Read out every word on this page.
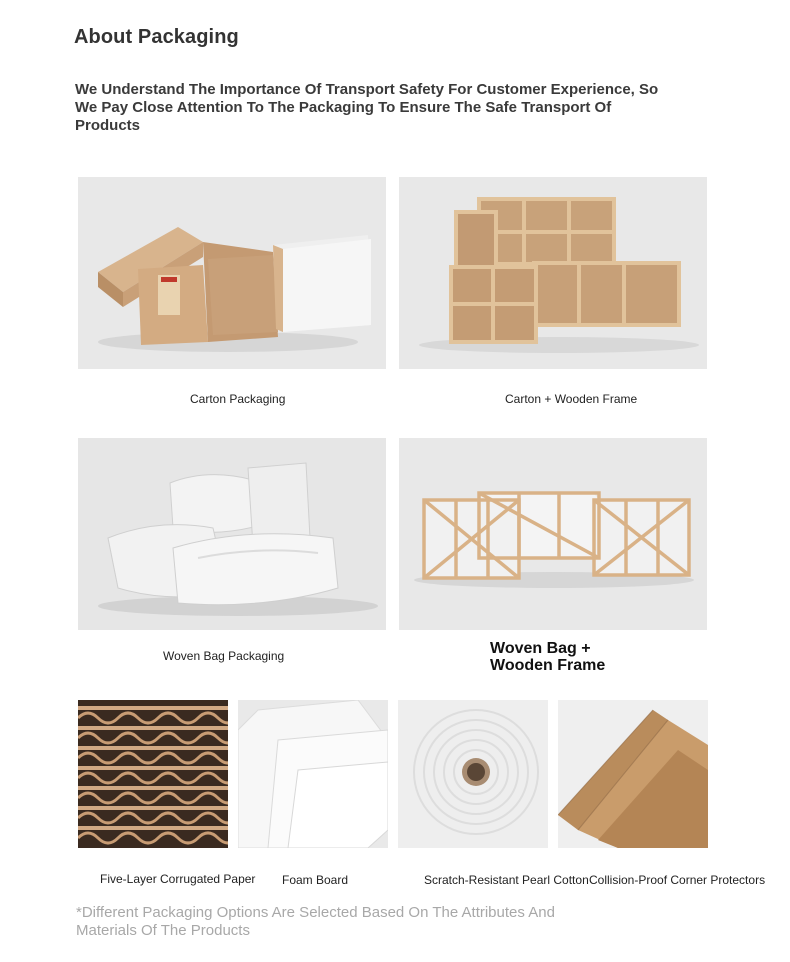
About Packaging
We Understand The Importance Of Transport Safety For Customer Experience, So We Pay Close Attention To The Packaging To Ensure The Safe Transport Of Products
Carton Packaging	Carton + Wooden Frame
Woven Bag Packaging	Woven Bag + Wooden Frame
Five-Layer Corrugated Paper Foam Board	Scratch-Resistant Pearl Cotton Collision-Proof Corner Protectors
*Different Packaging Options Are Selected Based On The Attributes And Materials Of The Products
